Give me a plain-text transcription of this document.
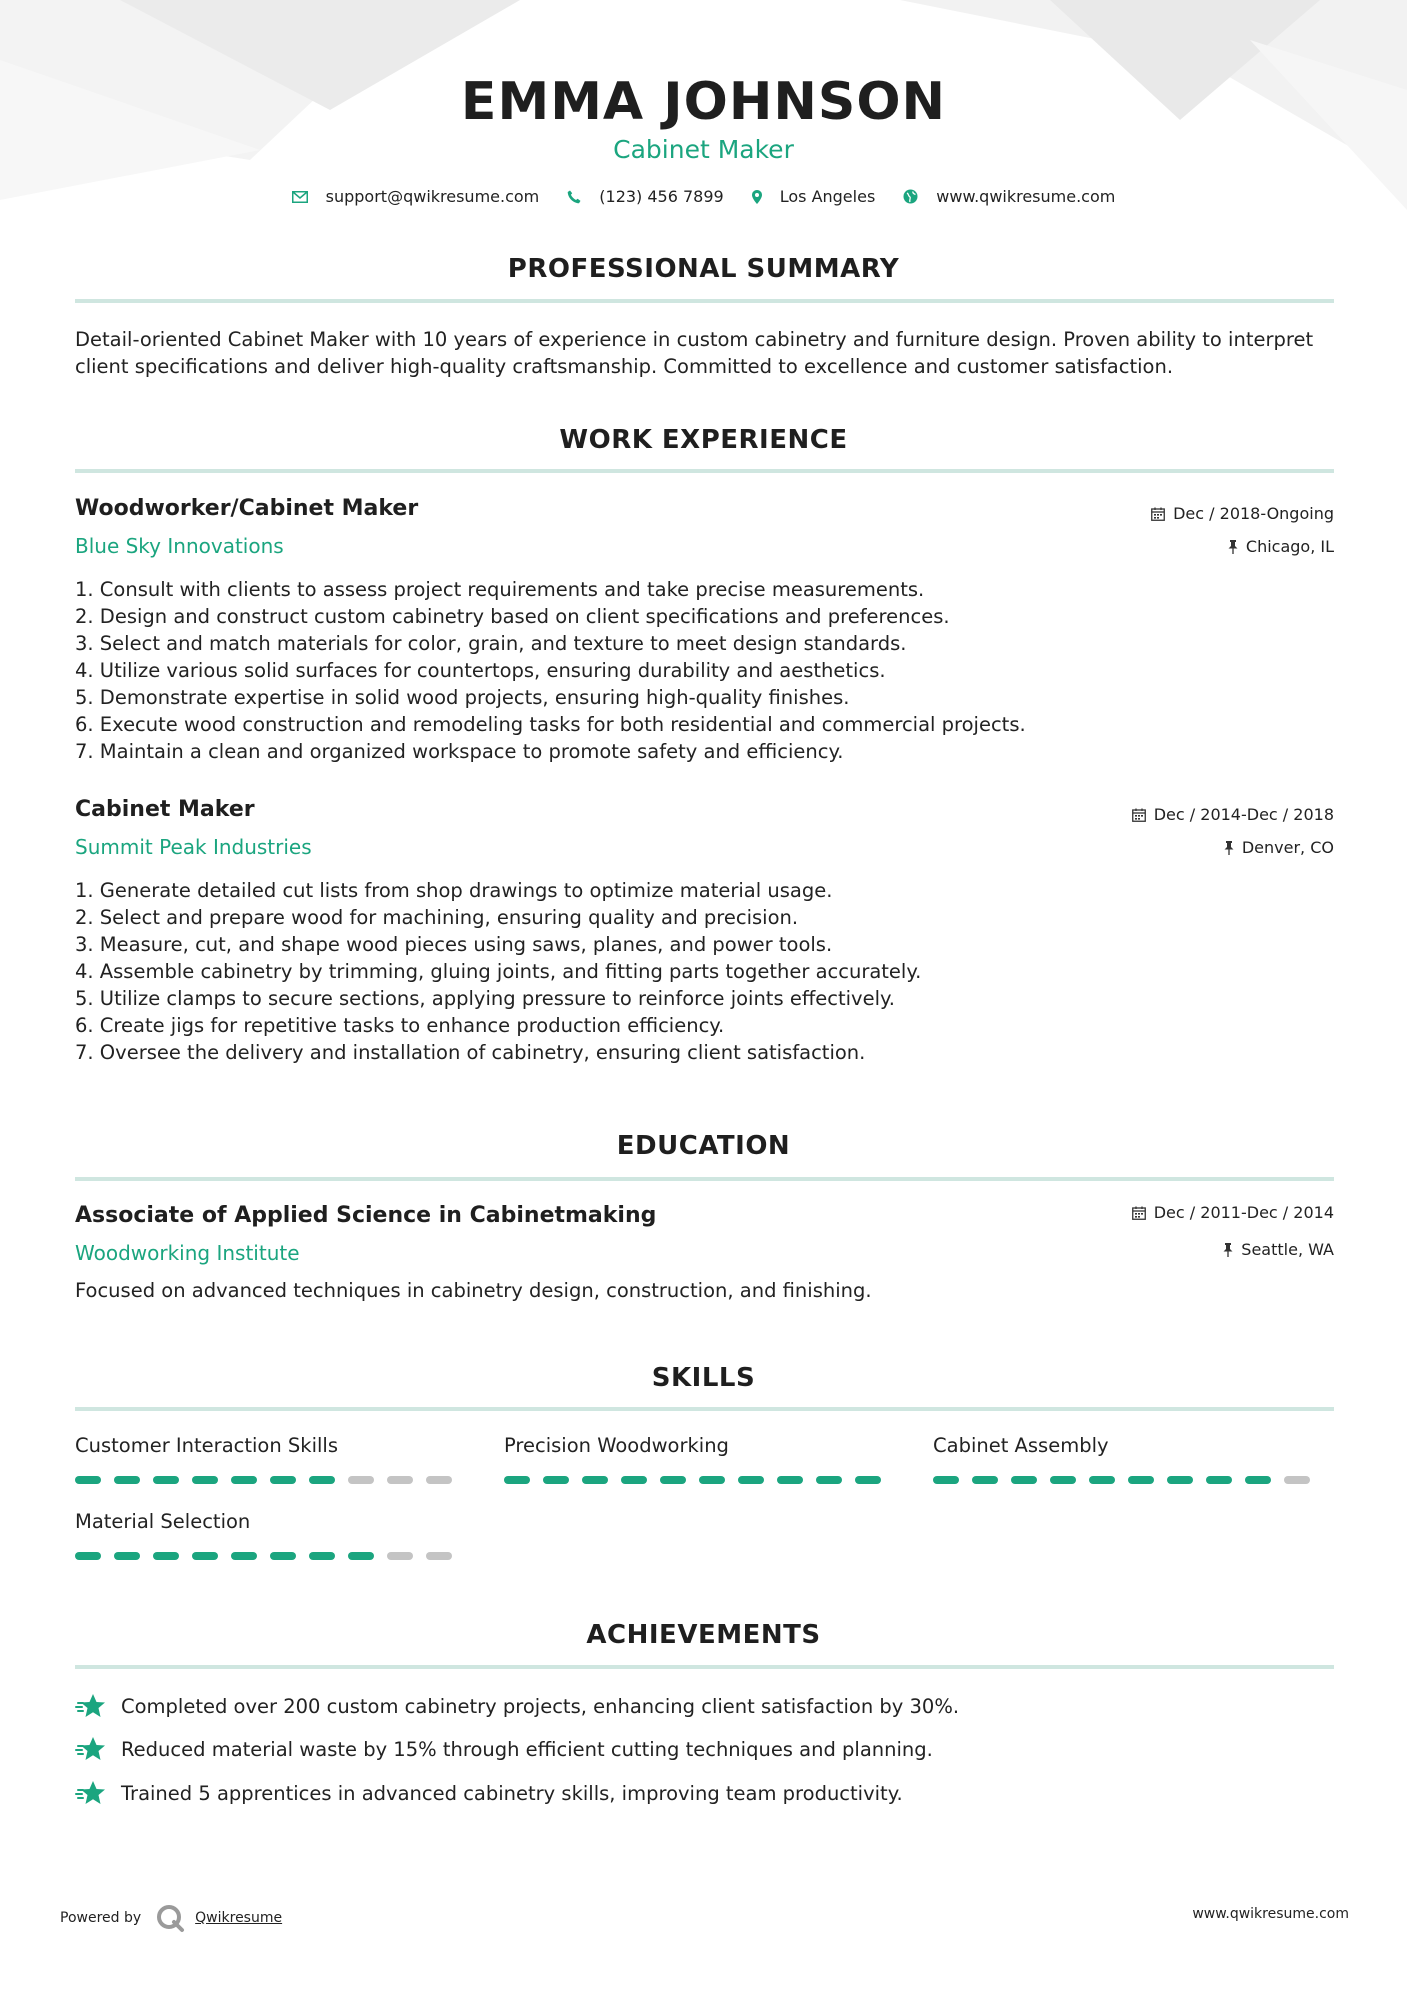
EMMA JOHNSON
Cabinet Maker
support@qwikresume.com	(123) 456 7899	Los Angeles	www.qwikresume.com
PROFESSIONAL SUMMARY
Detail-oriented Cabinet Maker with 10 years of experience in custom cabinetry and furniture design. Proven ability to interpret client specifications and deliver high-quality craftsmanship. Committed to excellence and customer satisfaction.
WORK EXPERIENCE
Woodworker/Cabinet Maker
Blue Sky Innovations
Dec / 2018-Ongoing
Chicago, IL
1. Consult with clients to assess project requirements and take precise measurements.
2. Design and construct custom cabinetry based on client specifications and preferences.
3. Select and match materials for color, grain, and texture to meet design standards.
4. Utilize various solid surfaces for countertops, ensuring durability and aesthetics.
5. Demonstrate expertise in solid wood projects, ensuring high-quality finishes.
6. Execute wood construction and remodeling tasks for both residential and commercial projects.
7. Maintain a clean and organized workspace to promote safety and efficiency.
Cabinet Maker
Summit Peak Industries
Dec / 2014-Dec / 2018
Denver, CO
1. Generate detailed cut lists from shop drawings to optimize material usage.
2. Select and prepare wood for machining, ensuring quality and precision.
3. Measure, cut, and shape wood pieces using saws, planes, and power tools.
4. Assemble cabinetry by trimming, gluing joints, and fitting parts together accurately.
5. Utilize clamps to secure sections, applying pressure to reinforce joints effectively.
6. Create jigs for repetitive tasks to enhance production efficiency.
7. Oversee the delivery and installation of cabinetry, ensuring client satisfaction.
EDUCATION
Associate of Applied Science in Cabinetmaking
Woodworking Institute
Dec / 2011-Dec / 2014
Seattle, WA
Focused on advanced techniques in cabinetry design, construction, and finishing.
SKILLS
Customer Interaction Skills	Precision Woodworking	Cabinet Assembly
Material Selection
ACHIEVEMENTS
Completed over 200 custom cabinetry projects, enhancing client satisfaction by 30%.
Reduced material waste by 15% through efficient cutting techniques and planning.
Trained 5 apprentices in advanced cabinetry skills, improving team productivity.
Powered by	Qwikresume	www.qwikresume.com
